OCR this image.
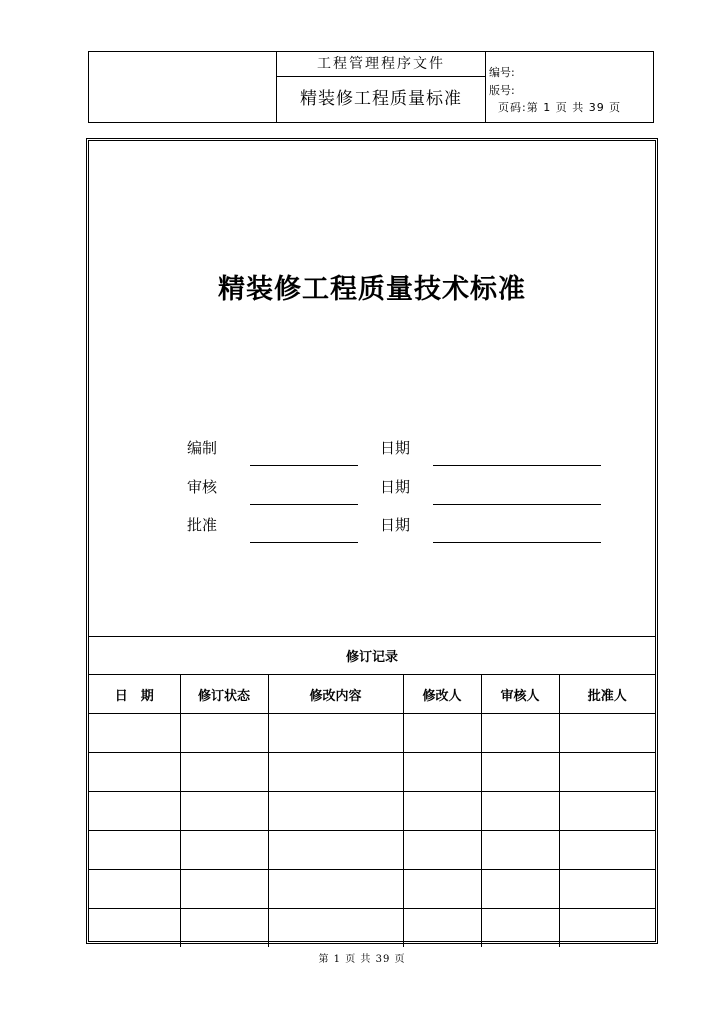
工程管理程序文件
精装修工程质量标准
编号:
版号:
页码:第 1 页 共 39 页
精装修工程质量技术标准
编制	日期
审核	日期
批准	日期
修订记录					
日　期	修订状态	修改内容	修改人	审核人	批准人

第 1 页 共 39 页
